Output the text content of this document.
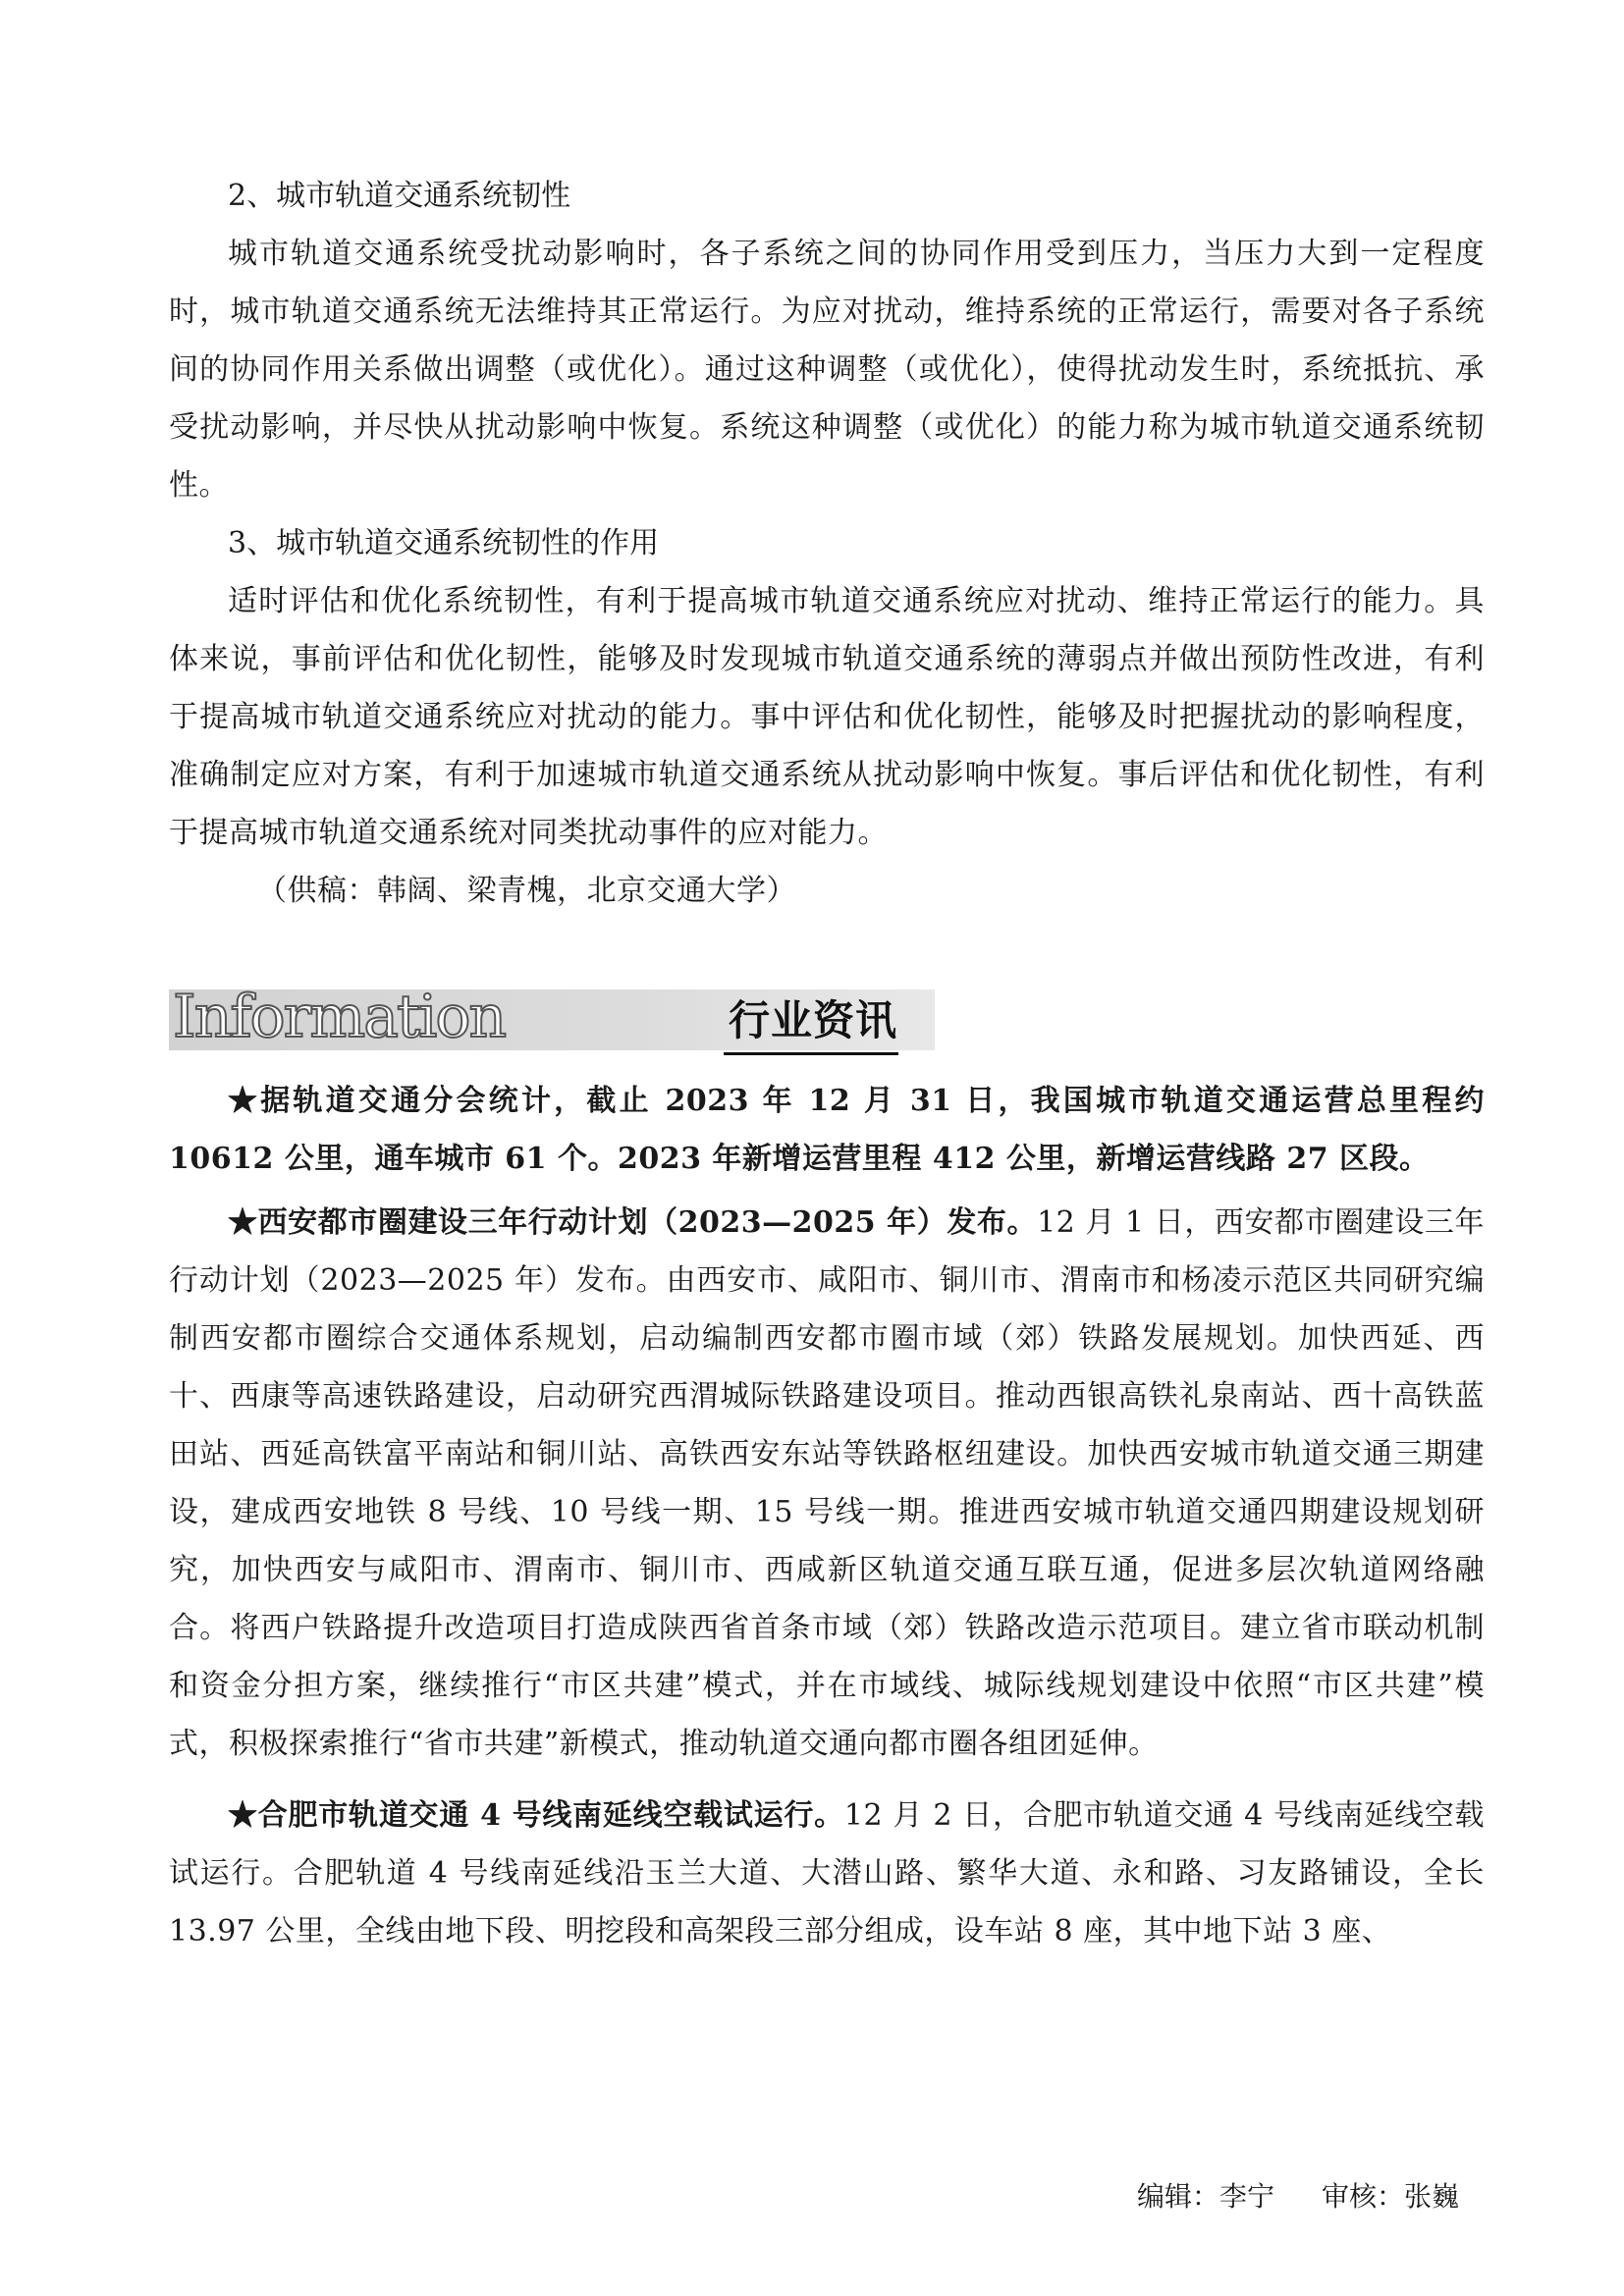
2、城市轨道交通系统韧性

城市轨道交通系统受扰动影响时，各子系统之间的协同作用受到压力，当压力大到一定程度时，城市轨道交通系统无法维持其正常运行。为应对扰动，维持系统的正常运行，需要对各子系统间的协同作用关系做出调整（或优化）。通过这种调整（或优化），使得扰动发生时，系统抵抗、承受扰动影响，并尽快从扰动影响中恢复。系统这种调整（或优化）的能力称为城市轨道交通系统韧性。

3、城市轨道交通系统韧性的作用

适时评估和优化系统韧性，有利于提高城市轨道交通系统应对扰动、维持正常运行的能力。具体来说，事前评估和优化韧性，能够及时发现城市轨道交通系统的薄弱点并做出预防性改进，有利于提高城市轨道交通系统应对扰动的能力。事中评估和优化韧性，能够及时把握扰动的影响程度，准确制定应对方案，有利于加速城市轨道交通系统从扰动影响中恢复。事后评估和优化韧性，有利于提高城市轨道交通系统对同类扰动事件的应对能力。

（供稿：韩阔、梁青槐，北京交通大学）

Information	行业资讯

★据轨道交通分会统计，截止 2023 年 12 月 31 日，我国城市轨道交通运营总里程约 10612 公里，通车城市 61 个。2023 年新增运营里程 412 公里，新增运营线路 27 区段。

★西安都市圈建设三年行动计划（2023—2025 年）发布。12 月 1 日，西安都市圈建设三年行动计划（2023—2025 年）发布。由西安市、咸阳市、铜川市、渭南市和杨凌示范区共同研究编制西安都市圈综合交通体系规划，启动编制西安都市圈市域（郊）铁路发展规划。加快西延、西十、西康等高速铁路建设，启动研究西渭城际铁路建设项目。推动西银高铁礼泉南站、西十高铁蓝田站、西延高铁富平南站和铜川站、高铁西安东站等铁路枢纽建设。加快西安城市轨道交通三期建设，建成西安地铁 8 号线、10 号线一期、15 号线一期。推进西安城市轨道交通四期建设规划研究，加快西安与咸阳市、渭南市、铜川市、西咸新区轨道交通互联互通，促进多层次轨道网络融合。将西户铁路提升改造项目打造成陕西省首条市域（郊）铁路改造示范项目。建立省市联动机制和资金分担方案，继续推行“市区共建”模式，并在市域线、城际线规划建设中依照“市区共建”模式，积极探索推行“省市共建”新模式，推动轨道交通向都市圈各组团延伸。

★合肥市轨道交通 4 号线南延线空载试运行。12 月 2 日，合肥市轨道交通 4 号线南延线空载试运行。合肥轨道 4 号线南延线沿玉兰大道、大潜山路、繁华大道、永和路、习友路铺设，全长 13.97 公里，全线由地下段、明挖段和高架段三部分组成，设车站 8 座，其中地下站 3 座、

编辑：李宁 审核：张巍
